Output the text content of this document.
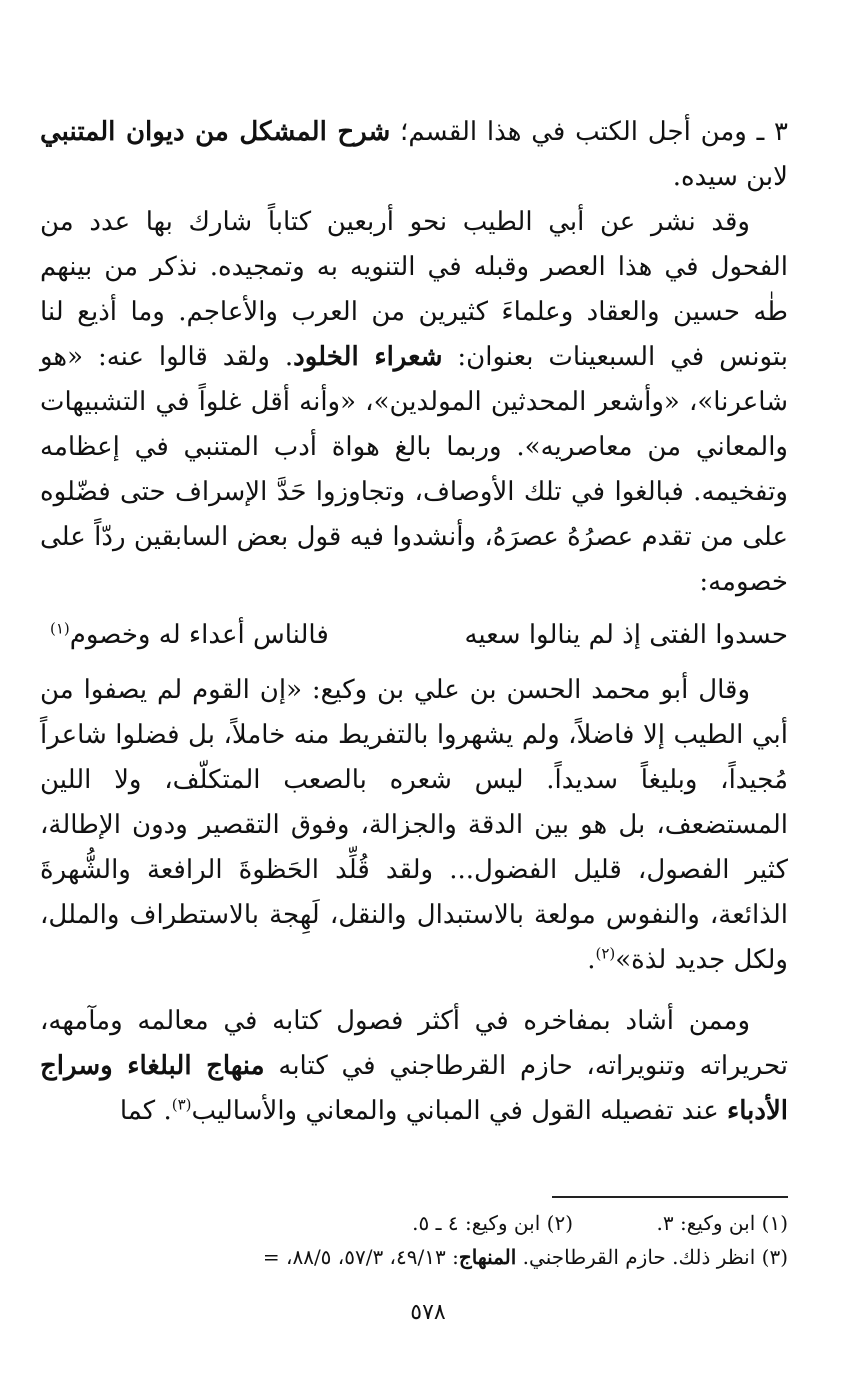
٣ ـ ومن أجل الكتب في هذا القسم؛ شرح المشكل من ديوان المتنبي لابن سيده.

وقد نشر عن أبي الطيب نحو أربعين كتاباً شارك بها عدد من الفحول في هذا العصر وقبله في التنويه به وتمجيده. نذكر من بينهم طٰه حسين والعقاد وعلماءَ كثيرين من العرب والأعاجم. وما أذيع لنا بتونس في السبعينات بعنوان: شعراء الخلود. ولقد قالوا عنه: «هو شاعرنا»، «وأشعر المحدثين المولدين»، «وأنه أقل غلواً في التشبيهات والمعاني من معاصريه». وربما بالغ هواة أدب المتنبي في إعظامه وتفخيمه. فبالغوا في تلك الأوصاف، وتجاوزوا حَدَّ الإسراف حتى فضّلوه على من تقدم عصرُهُ عصرَهُ، وأنشدوا فيه قول بعض السابقين ردّاً على خصومه:

حسدوا الفتى إذ لم ينالوا سعيه
فالناس أعداء له وخصوم$^{(١)}$

وقال أبو محمد الحسن بن علي بن وكيع: «إن القوم لم يصفوا من أبي الطيب إلا فاضلاً، ولم يشهروا بالتفريط منه خاملاً، بل فضلوا شاعراً مُجيداً، وبليغاً سديداً. ليس شعره بالصعب المتكلّف، ولا اللين المستضعف، بل هو بين الدقة والجزالة، وفوق التقصير ودون الإطالة، كثير الفصول، قليل الفضول... ولقد قُلِّد الحَظوةَ الرافعة والشُّهرةَ الذائعة، والنفوس مولعة بالاستبدال والنقل، لَهِجة بالاستطراف والملل، ولكل جديد لذة»$^{(٢)}$.

وممن أشاد بمفاخره في أكثر فصول كتابه في معالمه ومآمهه، تحريراته وتنويراته، حازم القرطاجني في كتابه منهاج البلغاء وسراج الأدباء عند تفصيله القول في المباني والمعاني والأساليب$^{(٣)}$. كما

(١) ابن وكيع: ٣.
(٢) ابن وكيع: ٤ ـ ٥.
(٣) انظر ذلك. حازم القرطاجني. المنهاج: ٤٩/١٣، ٥٧/٣، ٨٨/٥، =
٥٧٨
